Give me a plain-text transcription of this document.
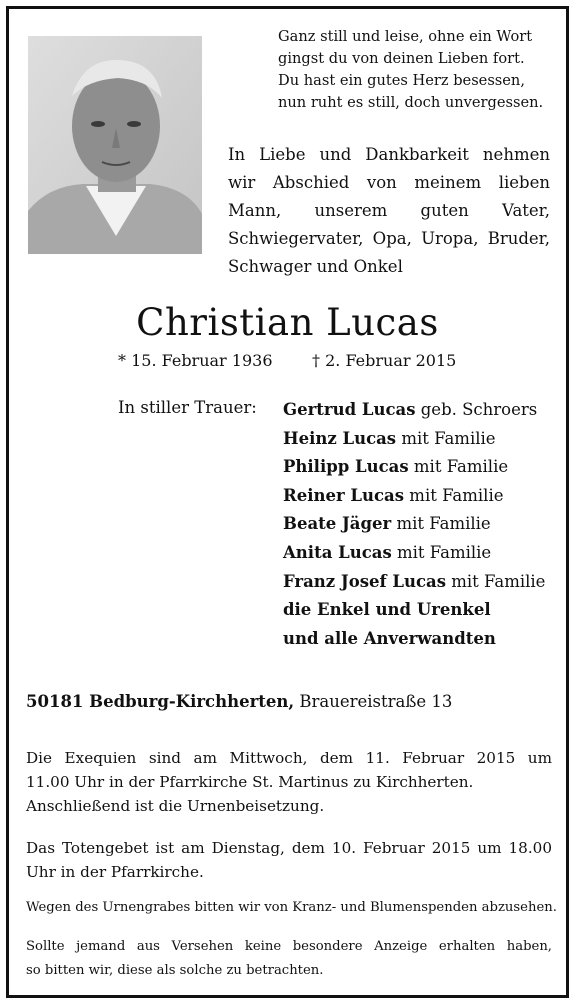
Ganz still und leise, ohne ein Wort
gingst du von deinen Lieben fort.
Du hast ein gutes Herz besessen,
nun ruht es still, doch unvergessen.
In Liebe und Dankbarkeit nehmen
wir Abschied von meinem lieben
Mann, unserem guten Vater,
Schwiegervater, Opa, Uropa, Bruder,
Schwager und Onkel
Christian Lucas
* 15. Februar 1936 † 2. Februar 2015
In stiller Trauer: Gertrud Lucas geb. Schroers
Heinz Lucas mit Familie
Philipp Lucas mit Familie
Reiner Lucas mit Familie
Beate Jäger mit Familie
Anita Lucas mit Familie
Franz Josef Lucas mit Familie
die Enkel und Urenkel
und alle Anverwandten
50181 Bedburg-Kirchherten, Brauereistraße 13
Die Exequien sind am Mittwoch, dem 11. Februar 2015 um
11.00 Uhr in der Pfarrkirche St. Martinus zu Kirchherten.
Anschließend ist die Urnenbeisetzung.
Das Totengebet ist am Dienstag, dem 10. Februar 2015 um 18.00
Uhr in der Pfarrkirche.
Wegen des Urnengrabes bitten wir von Kranz- und Blumenspenden abzusehen.
Sollte jemand aus Versehen keine besondere Anzeige erhalten haben,
so bitten wir, diese als solche zu betrachten.
